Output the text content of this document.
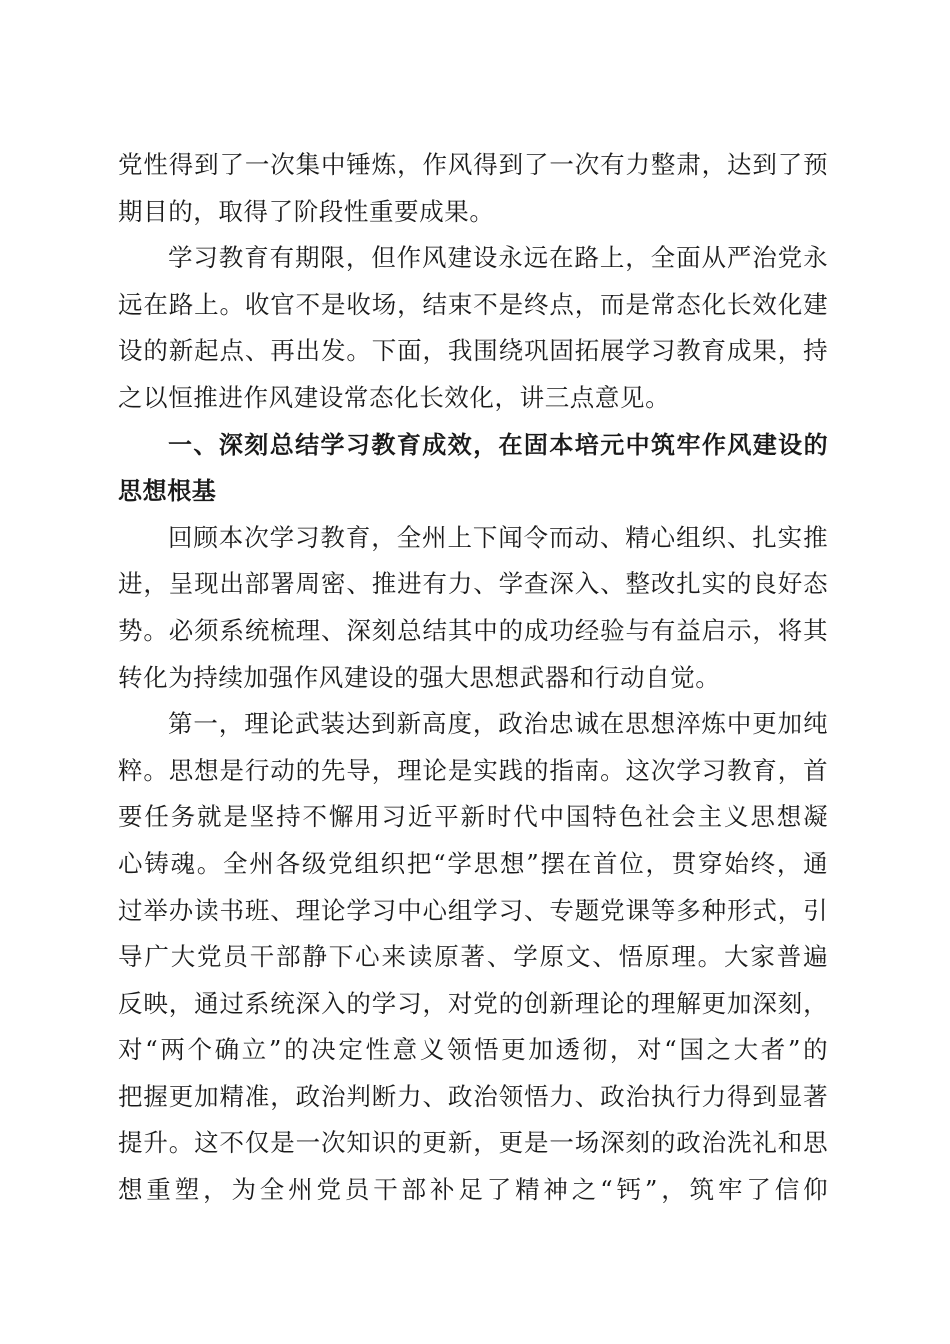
党性得到了一次集中锤炼，作风得到了一次有力整肃，达到了预
期目的，取得了阶段性重要成果。
学习教育有期限，但作风建设永远在路上，全面从严治党永
远在路上。收官不是收场，结束不是终点，而是常态化长效化建
设的新起点、再出发。下面，我围绕巩固拓展学习教育成果，持
之以恒推进作风建设常态化长效化，讲三点意见。
一、深刻总结学习教育成效，在固本培元中筑牢作风建设的
思想根基
回顾本次学习教育，全州上下闻令而动、精心组织、扎实推
进，呈现出部署周密、推进有力、学查深入、整改扎实的良好态
势。必须系统梳理、深刻总结其中的成功经验与有益启示，将其
转化为持续加强作风建设的强大思想武器和行动自觉。
第一，理论武装达到新高度，政治忠诚在思想淬炼中更加纯
粹。思想是行动的先导，理论是实践的指南。这次学习教育，首
要任务就是坚持不懈用习近平新时代中国特色社会主义思想凝
心铸魂。全州各级党组织把“学思想”摆在首位，贯穿始终，通
过举办读书班、理论学习中心组学习、专题党课等多种形式，引
导广大党员干部静下心来读原著、学原文、悟原理。大家普遍
反映，通过系统深入的学习，对党的创新理论的理解更加深刻，
对“两个确立”的决定性意义领悟更加透彻，对“国之大者”的
把握更加精准，政治判断力、政治领悟力、政治执行力得到显著
提升。这不仅是一次知识的更新，更是一场深刻的政治洗礼和思
想重塑，为全州党员干部补足了精神之“钙”，筑牢了信仰
